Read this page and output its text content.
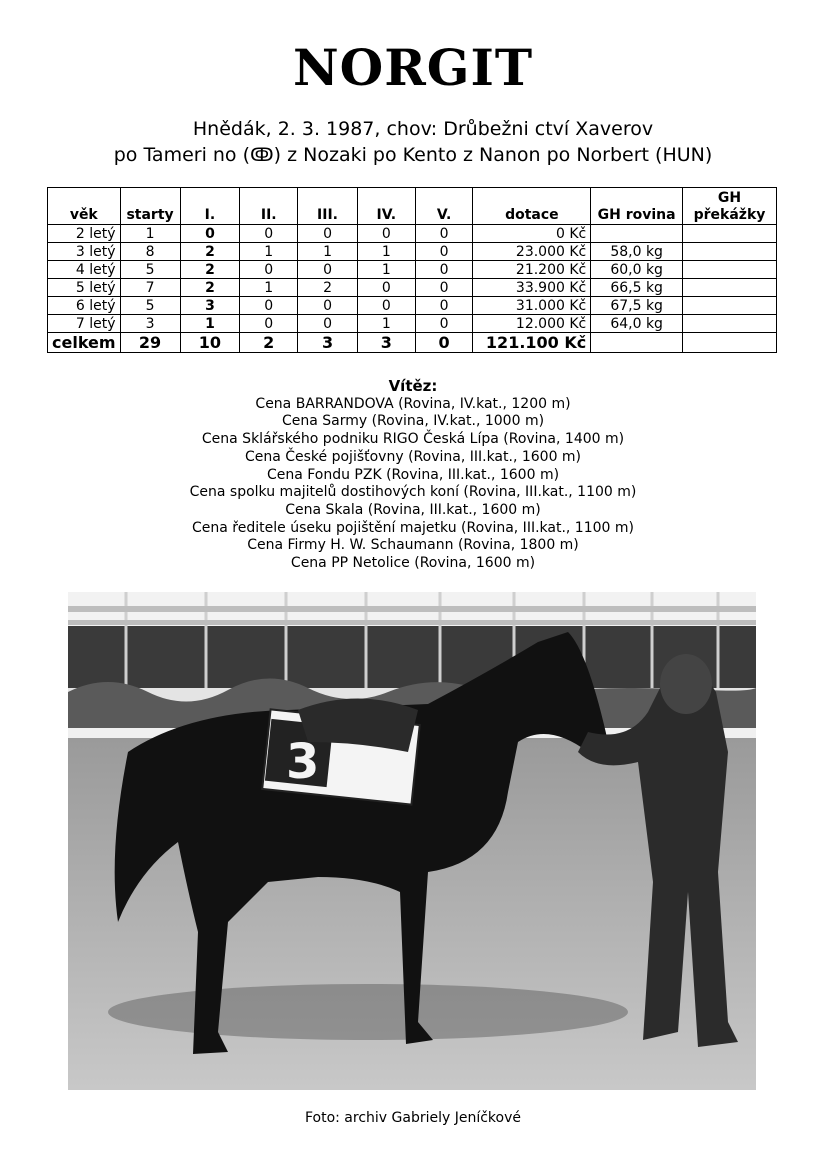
NORGIT
Hnědák, 2. 3. 1987, chov: Drůbežni ctví Xaverov
po Tameri no (ↂ) z Nozaki po Kento z Nanon po Norbert (HUN)
věk	starty	I.	II.	III.	IV.	V.	dotace	GH rovina	GH překážky
2 letý	1	0	0	0	0	0	0 Kč		
3 letý	8	2	1	1	1	0	23.000 Kč	58,0 kg	
4 letý	5	2	0	0	1	0	21.200 Kč	60,0 kg	
5 letý	7	2	1	2	0	0	33.900 Kč	66,5 kg	
6 letý	5	3	0	0	0	0	31.000 Kč	67,5 kg	
7 letý	3	1	0	0	1	0	12.000 Kč	64,0 kg	
celkem	29	10	2	3	3	0	121.100 Kč		
Vítěz:
Cena BARRANDOVA (Rovina, IV.kat., 1200 m)
Cena Sarmy (Rovina, IV.kat., 1000 m)
Cena Sklářského podniku RIGO Česká Lípa (Rovina, 1400 m)
Cena České pojišťovny (Rovina, III.kat., 1600 m)
Cena Fondu PZK (Rovina, III.kat., 1600 m)
Cena spolku majitelů dostihových koní (Rovina, III.kat., 1100 m)
Cena Skala (Rovina, III.kat., 1600 m)
Cena ředitele úseku pojištění majetku (Rovina, III.kat., 1100 m)
Cena Firmy H. W. Schaumann (Rovina, 1800 m)
Cena PP Netolice (Rovina, 1600 m)
3
Foto: archiv Gabriely Jeníčkové
